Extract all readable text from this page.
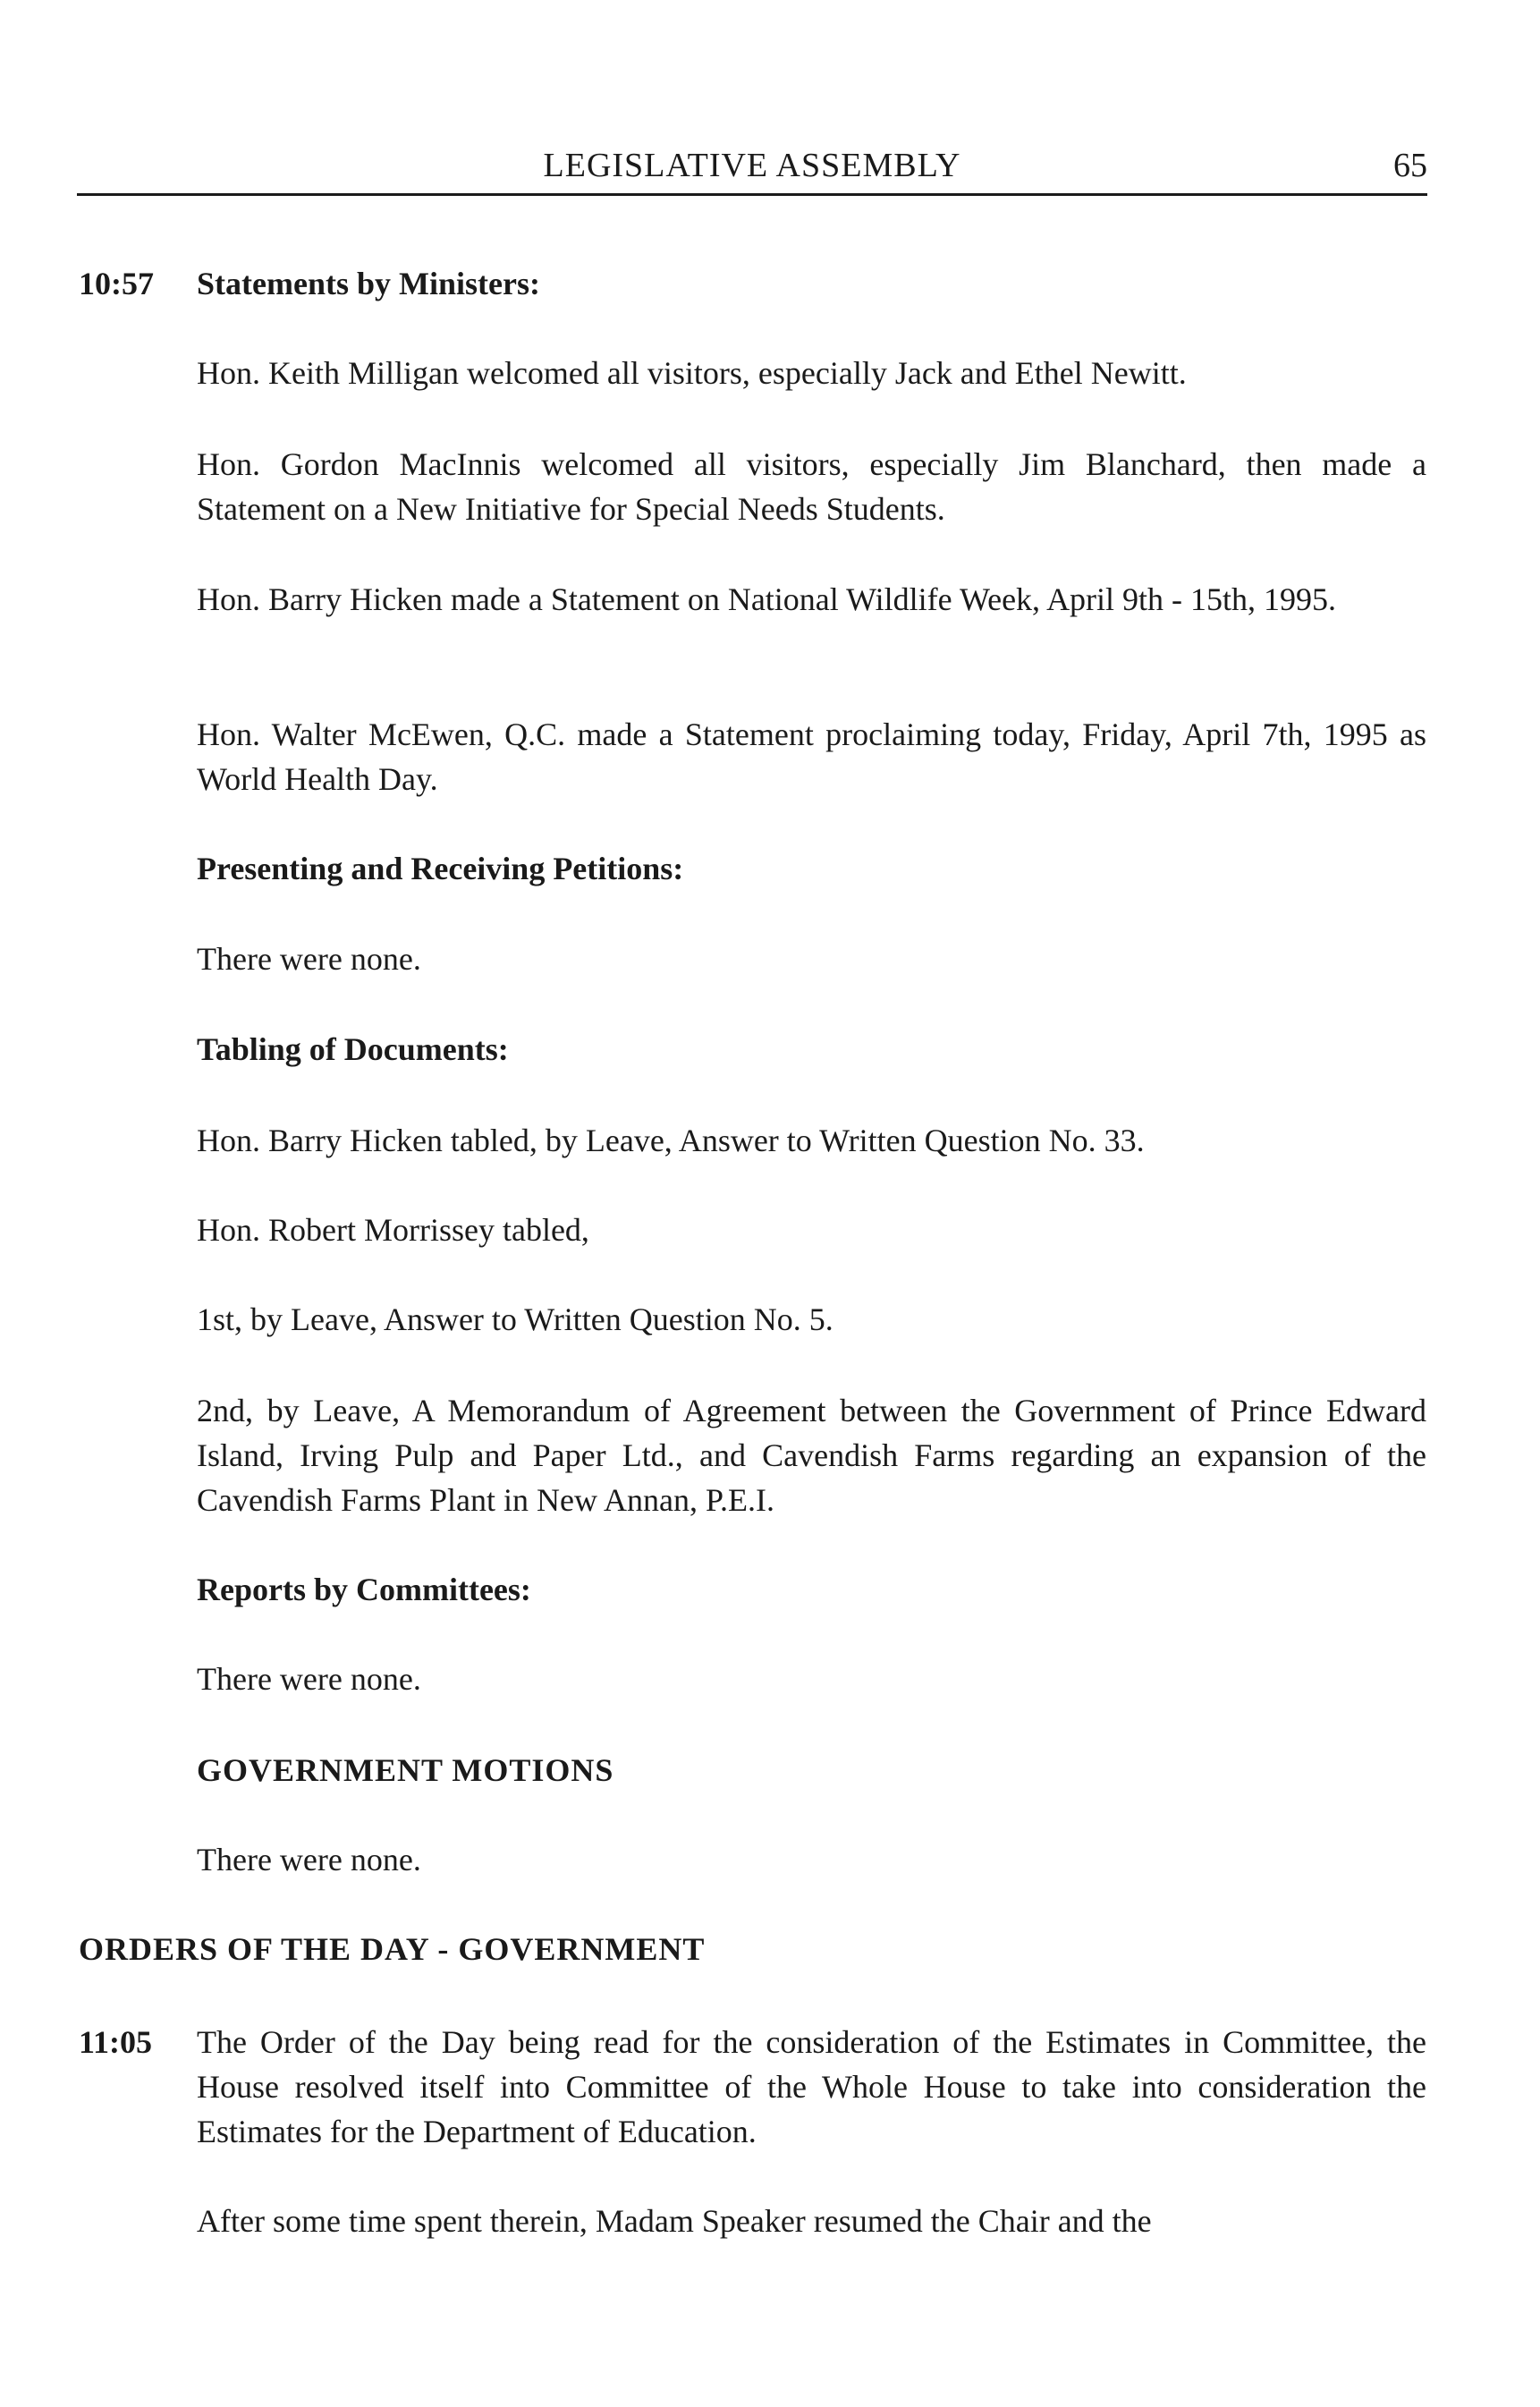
LEGISLATIVE ASSEMBLY	65
10:57 Statements by Ministers:
Hon. Keith Milligan welcomed all visitors, especially Jack and Ethel Newitt.
Hon. Gordon MacInnis welcomed all visitors, especially Jim Blanchard, then made a Statement on a New Initiative for Special Needs Students.
Hon. Barry Hicken made a Statement on National Wildlife Week, April 9th - 15th, 1995.
Hon. Walter McEwen, Q.C. made a Statement proclaiming today, Friday, April 7th, 1995 as World Health Day.
Presenting and Receiving Petitions:
There were none.
Tabling of Documents:
Hon. Barry Hicken tabled, by Leave, Answer to Written Question No. 33.
Hon. Robert Morrissey tabled,
1st, by Leave, Answer to Written Question No. 5.
2nd, by Leave, A Memorandum of Agreement between the Government of Prince Edward Island, Irving Pulp and Paper Ltd., and Cavendish Farms regarding an expansion of the Cavendish Farms Plant in New Annan, P.E.I.
Reports by Committees:
There were none.
GOVERNMENT MOTIONS
There were none.
ORDERS OF THE DAY - GOVERNMENT
11:05 The Order of the Day being read for the consideration of the Estimates in Committee, the House resolved itself into Committee of the Whole House to take into consideration the Estimates for the Department of Education.
After some time spent therein, Madam Speaker resumed the Chair and the
